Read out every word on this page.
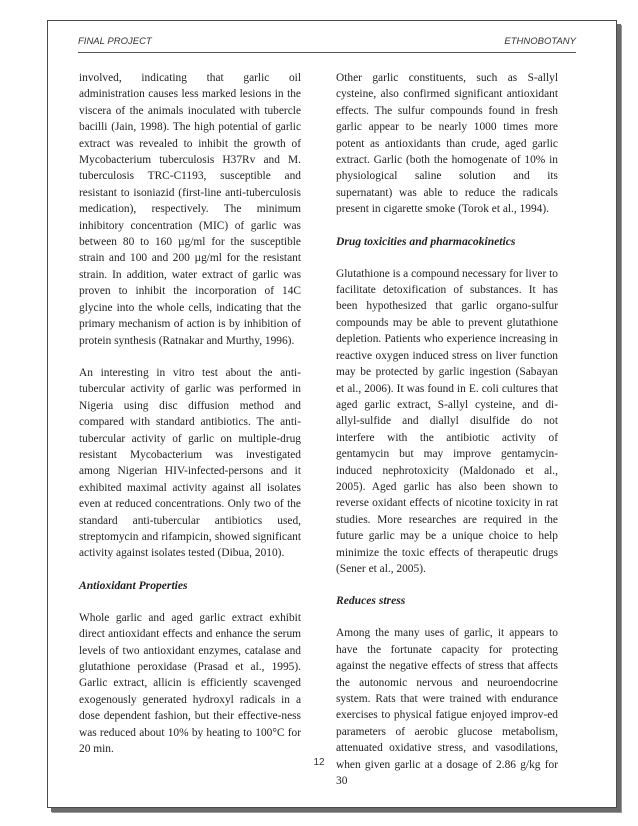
FINAL PROJECT	ETHNOBOTANY

involved, indicating that garlic oil administration causes less marked lesions in the viscera of the animals inoculated with tubercle bacilli (Jain, 1998). The high potential of garlic extract was revealed to inhibit the growth of Mycobacterium tuberculosis H37Rv and M. tuberculosis TRC-C1193, susceptible and resistant to isoniazid (first-line anti-tuberculosis medication), respectively. The minimum inhibitory concentration (MIC) of garlic was between 80 to 160 µg/ml for the susceptible strain and 100 and 200 µg/ml for the resistant strain. In addition, water extract of garlic was proven to inhibit the incorporation of 14C glycine into the whole cells, indicating that the primary mechanism of action is by inhibition of protein synthesis (Ratnakar and Murthy, 1996).

An interesting in vitro test about the anti-tubercular activity of garlic was performed in Nigeria using disc diffusion method and compared with standard antibiotics. The anti-tubercular activity of garlic on multiple-drug resistant Mycobacterium was investigated among Nigerian HIV-infected-persons and it exhibited maximal activity against all isolates even at reduced concentrations. Only two of the standard anti-tubercular antibiotics used, streptomycin and rifampicin, showed significant activity against isolates tested (Dibua, 2010).

Antioxidant Properties

Whole garlic and aged garlic extract exhibit direct antioxidant effects and enhance the serum levels of two antioxidant enzymes, catalase and glutathione peroxidase (Prasad et al., 1995). Garlic extract, allicin is efficiently scavenged exogenously generated hydroxyl radicals in a dose dependent fashion, but their effective-ness was reduced about 10% by heating to 100°C for 20 min.

Other garlic constituents, such as S-allyl cysteine, also confirmed significant antioxidant effects. The sulfur compounds found in fresh garlic appear to be nearly 1000 times more potent as antioxidants than crude, aged garlic extract. Garlic (both the homogenate of 10% in physiological saline solution and its supernatant) was able to reduce the radicals present in cigarette smoke (Torok et al., 1994).

Drug toxicities and pharmacokinetics

Glutathione is a compound necessary for liver to facilitate detoxification of substances. It has been hypothesized that garlic organo-sulfur compounds may be able to prevent glutathione depletion. Patients who experience increasing in reactive oxygen induced stress on liver function may be protected by garlic ingestion (Sabayan et al., 2006). It was found in E. coli cultures that aged garlic extract, S-allyl cysteine, and di-allyl-sulfide and diallyl disulfide do not interfere with the antibiotic activity of gentamycin but may improve gentamycin-induced nephrotoxicity (Maldonado et al., 2005). Aged garlic has also been shown to reverse oxidant effects of nicotine toxicity in rat studies. More researches are required in the future garlic may be a unique choice to help minimize the toxic effects of therapeutic drugs (Sener et al., 2005).

Reduces stress

Among the many uses of garlic, it appears to have the fortunate capacity for protecting against the negative effects of stress that affects the autonomic nervous and neuroendocrine system. Rats that were trained with endurance exercises to physical fatigue enjoyed improv-ed parameters of aerobic glucose metabolism, attenuated oxidative stress, and vasodilations, when given garlic at a dosage of 2.86 g/kg for 30

12
